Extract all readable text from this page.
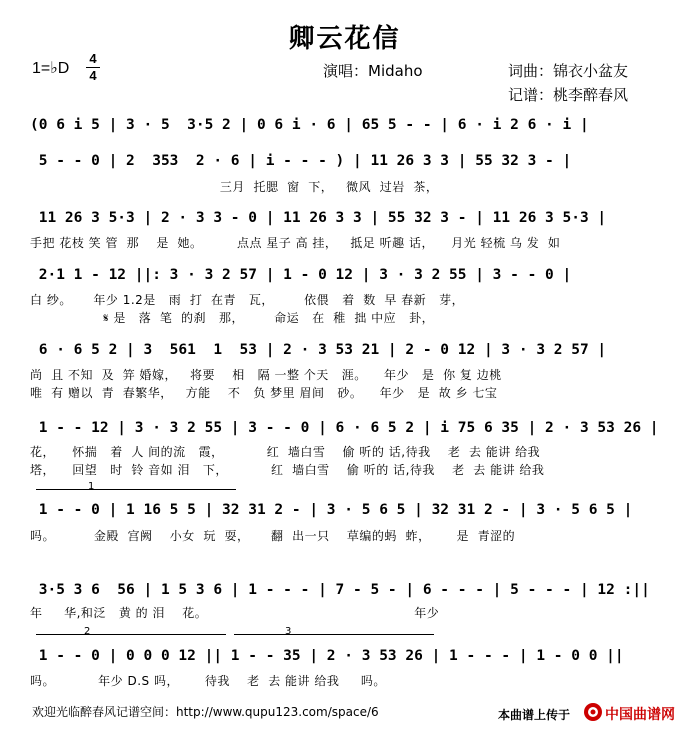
卿云花信
1=♭D
4
4	演唱：Midaho	词曲：锦衣小盆友
记谱：桃李醉春风
(0 6 i 5 | 3 · 5  3·5 2 | 0 6 i · 6 | 65 5 - - | 6 · i 2 6 · i |
5 - - 0 | 2  353  2 · 6 | i - - - ) | 11 26 3 3 | 55 32 3 - |
三月  托腮  窗  下，   微风  过岩  茶，
11 26 3 5·3 | 2 · 3 3 - 0 | 11 26 3 3 | 55 32 3 - | 11 26 3 5·3 |
手把 花枝 笑 管  那    是  她。        点点 星子 高 挂，   抵足 听趣 话，    月光 轻梳 乌 发  如
2·1 1 - 12 ||: 3 · 3 2 57 | 1 - 0 12 | 3 · 3 2 55 | 3 - - 0 |
白 纱。     年少 1.2是   雨  打  在青   瓦，       依偎   着  数  早 春新   芽，
𝄋 是   落  笔  的刹   那，       命运   在  稚  拙 中应   卦，
6 · 6 5 2 | 3  561  1  53 | 2 · 3 53 21 | 2 - 0 12 | 3 · 3 2 57 |
尚  且 不知  及  笄 婚嫁，   将要    相   隔 一整 个天   涯。    年少   是  你 复 边桃
唯  有 赠以  青  春繁华，   方能    不   负 梦里 眉间   砂。    年少   是  故 乡 七宝
1 - - 12 | 3 · 3 2 55 | 3 - - 0 | 6 · 6 5 2 | i 75 6 35 | 2 · 3 53 26 |
花，    怀揣   着  人 间的流   霞，          红  墙白雪    偷 听的 话,待我    老  去 能讲 给我
塔，    回望   时  铃 音如 泪   下，          红  墙白雪    偷 听的 话,待我    老  去 能讲 给我
1
1 - - 0 | 1 16 5 5 | 32 31 2 - | 3 · 5 6 5 | 32 31 2 - | 3 · 5 6 5 |
吗。         金殿  宫阙    小女  玩  耍，     翻  出一只    草编的蚂  蚱，      是  青涩的
3·5 3 6  56 | 1 5 3 6 | 1 - - - | 7 - 5 - | 6 - - - | 5 - - - | 12 :||
年     华,和泛   黄 的 泪    花。                                                年少
2	3
1 - - 0 | 0 0 0 12 || 1 - - 35 | 2 · 3 53 26 | 1 - - - | 1 - 0 0 ||
吗。          年少 D.S 吗，      待我    老  去 能讲 给我     吗。
欢迎光临醉春风记谱空间：http://www.qupu123.com/space/6	本曲谱上传于 中国曲谱网
